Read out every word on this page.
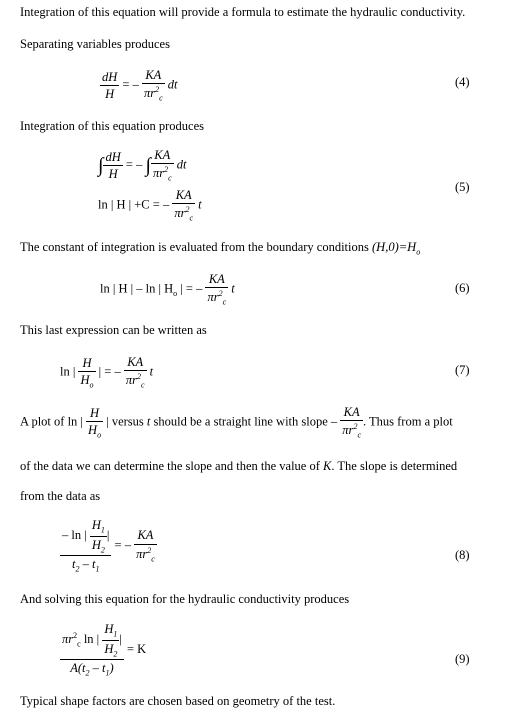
Integration of this equation will provide a formula to estimate the hydraulic conductivity.
Separating variables produces
$\frac{dH}{H}$ = – $\frac{KA}{\pi r^2_c}$ dt	(4)
Integration of this equation produces
∫ $\frac{dH}{H}$ = – ∫ $\frac{KA}{\pi r^2_c}$ dt
ln | H | +C = – $\frac{KA}{\pi r^2_c}$ t
(5)
The constant of integration is evaluated from the boundary conditions $(H,0)=H_o$
ln | H | – ln | $H_o$ | = – $\frac{KA}{\pi r^2_c}$ t	(6)
This last expression can be written as
ln | $\frac{H}{H_o}$ | = – $\frac{KA}{\pi r^2_c}$ t	(7)
A plot of ln | $\frac{H}{H_o}$ | versus t should be a straight line with slope – $\frac{KA}{\pi r^2_c}$ . Thus from a plot
of the data we can determine the slope and then the value of K. The slope is determined
from the data as
$\frac{- \ln | \frac{H_1}{H_2} |}{t_2 - t_1}$ = – $\frac{KA}{\pi r^2_c}$	(8)
And solving this equation for the hydraulic conductivity produces
$\frac{\pi r^2_c \ln | \frac{H_1}{H_2} |}{A(t_2 - t_1)} = K$
(9)
Typical shape factors are chosen based on geometry of the test.
